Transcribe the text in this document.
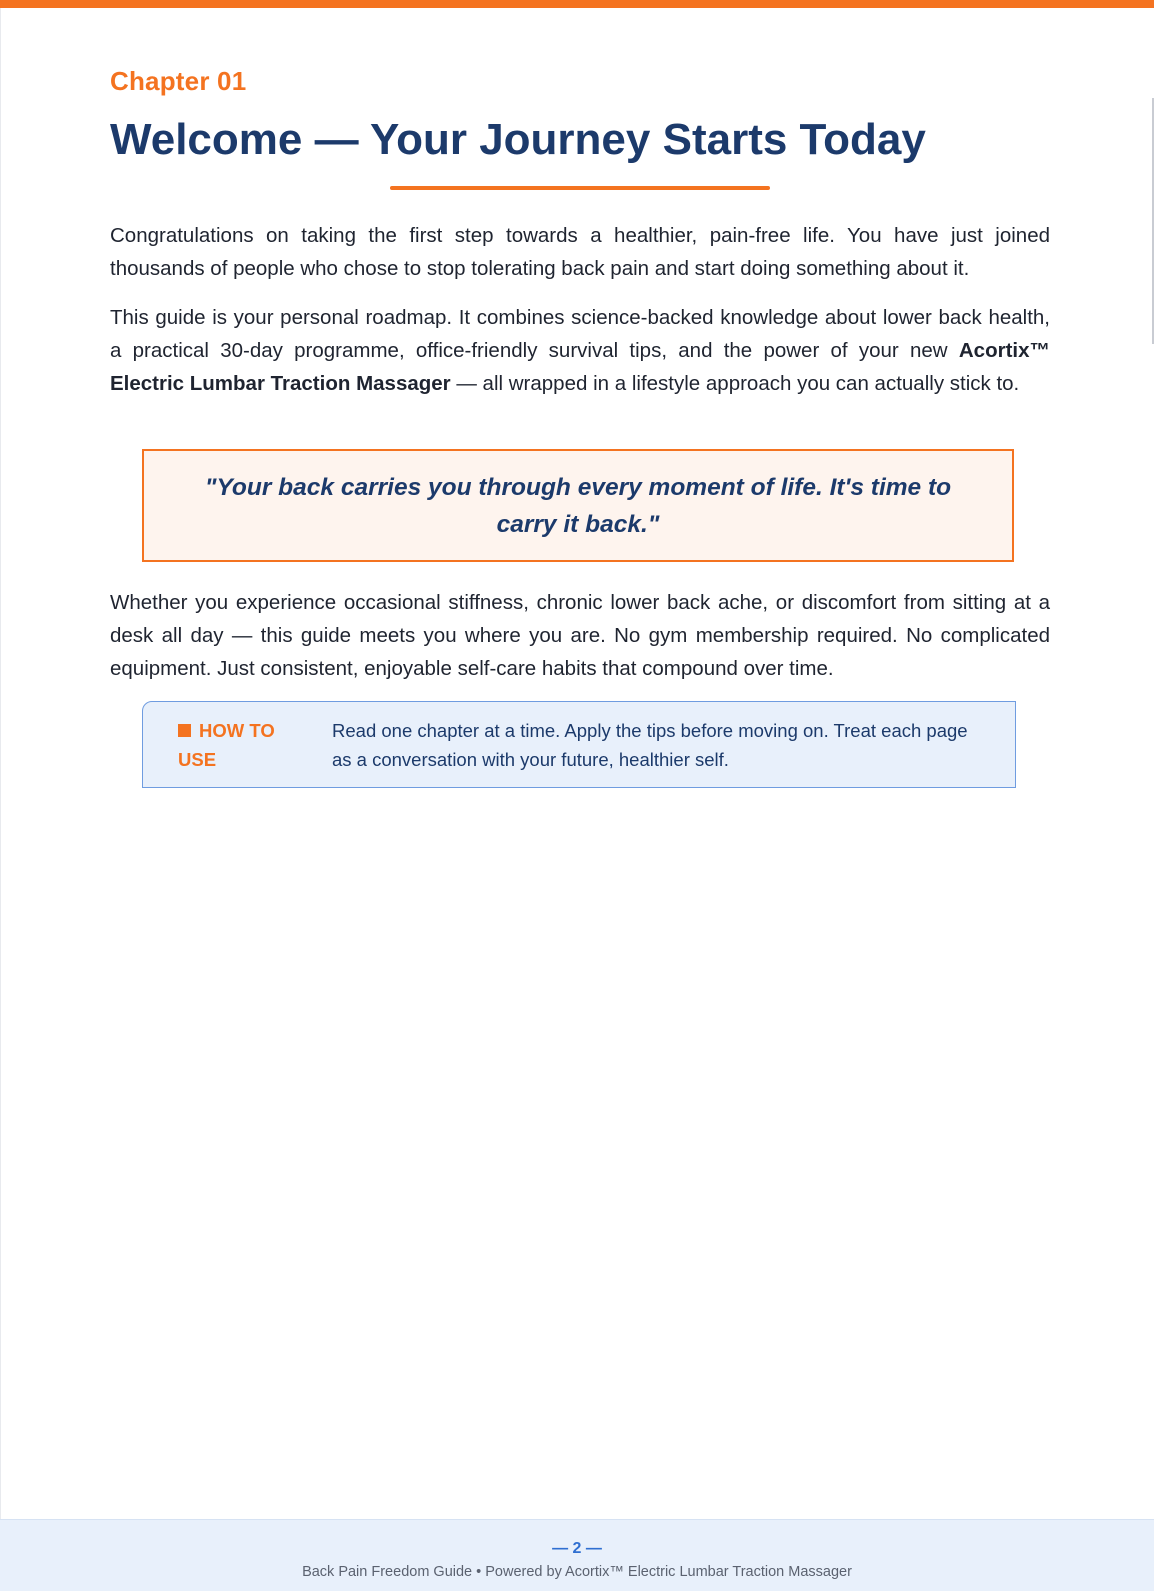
Chapter 01
Welcome — Your Journey Starts Today

Congratulations on taking the first step towards a healthier, pain-free life. You have just joined thousands of people who chose to stop tolerating back pain and start doing something about it.

This guide is your personal roadmap. It combines science-backed knowledge about lower back health, a practical 30-day programme, office-friendly survival tips, and the power of your new Acortix™ Electric Lumbar Traction Massager — all wrapped in a lifestyle approach you can actually stick to.

"Your back carries you through every moment of life. It's time to carry it back."

Whether you experience occasional stiffness, chronic lower back ache, or discomfort from sitting at a desk all day — this guide meets you where you are. No gym membership required. No complicated equipment. Just consistent, enjoyable self-care habits that compound over time.

HOW TO USE

Read one chapter at a time. Apply the tips before moving on. Treat each page as a conversation with your future, healthier self.

— 2 —
Back Pain Freedom Guide • Powered by Acortix™ Electric Lumbar Traction Massager
